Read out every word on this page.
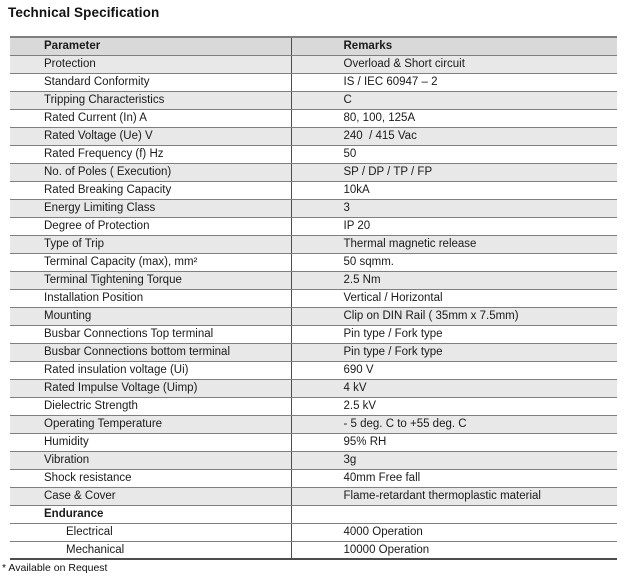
Technical Specification
Parameter	Remarks
Protection	Overload & Short circuit
Standard Conformity	IS / IEC 60947 – 2
Tripping Characteristics	C
Rated Current (In) A	80, 100, 125A
Rated Voltage (Ue) V	240  / 415 Vac
Rated Frequency (f) Hz	50
No. of Poles ( Execution)	SP / DP / TP / FP
Rated Breaking Capacity	10kA
Energy Limiting Class	3
Degree of Protection	IP 20
Type of Trip	Thermal magnetic release
Terminal Capacity (max), mm²	50 sqmm.
Terminal Tightening Torque	2.5 Nm
Installation Position	Vertical / Horizontal
Mounting	Clip on DIN Rail ( 35mm x 7.5mm)
Busbar Connections Top terminal	Pin type / Fork type
Busbar Connections bottom terminal	Pin type / Fork type
Rated insulation voltage (Ui)	690 V
Rated Impulse Voltage (Uimp)	4 kV
Dielectric Strength	2.5 kV
Operating Temperature	- 5 deg. C to +55 deg. C
Humidity	95% RH
Vibration	3g
Shock resistance	40mm Free fall
Case & Cover	Flame-retardant thermoplastic material
Endurance	
Electrical	4000 Operation
Mechanical	10000 Operation
* Available on Request
